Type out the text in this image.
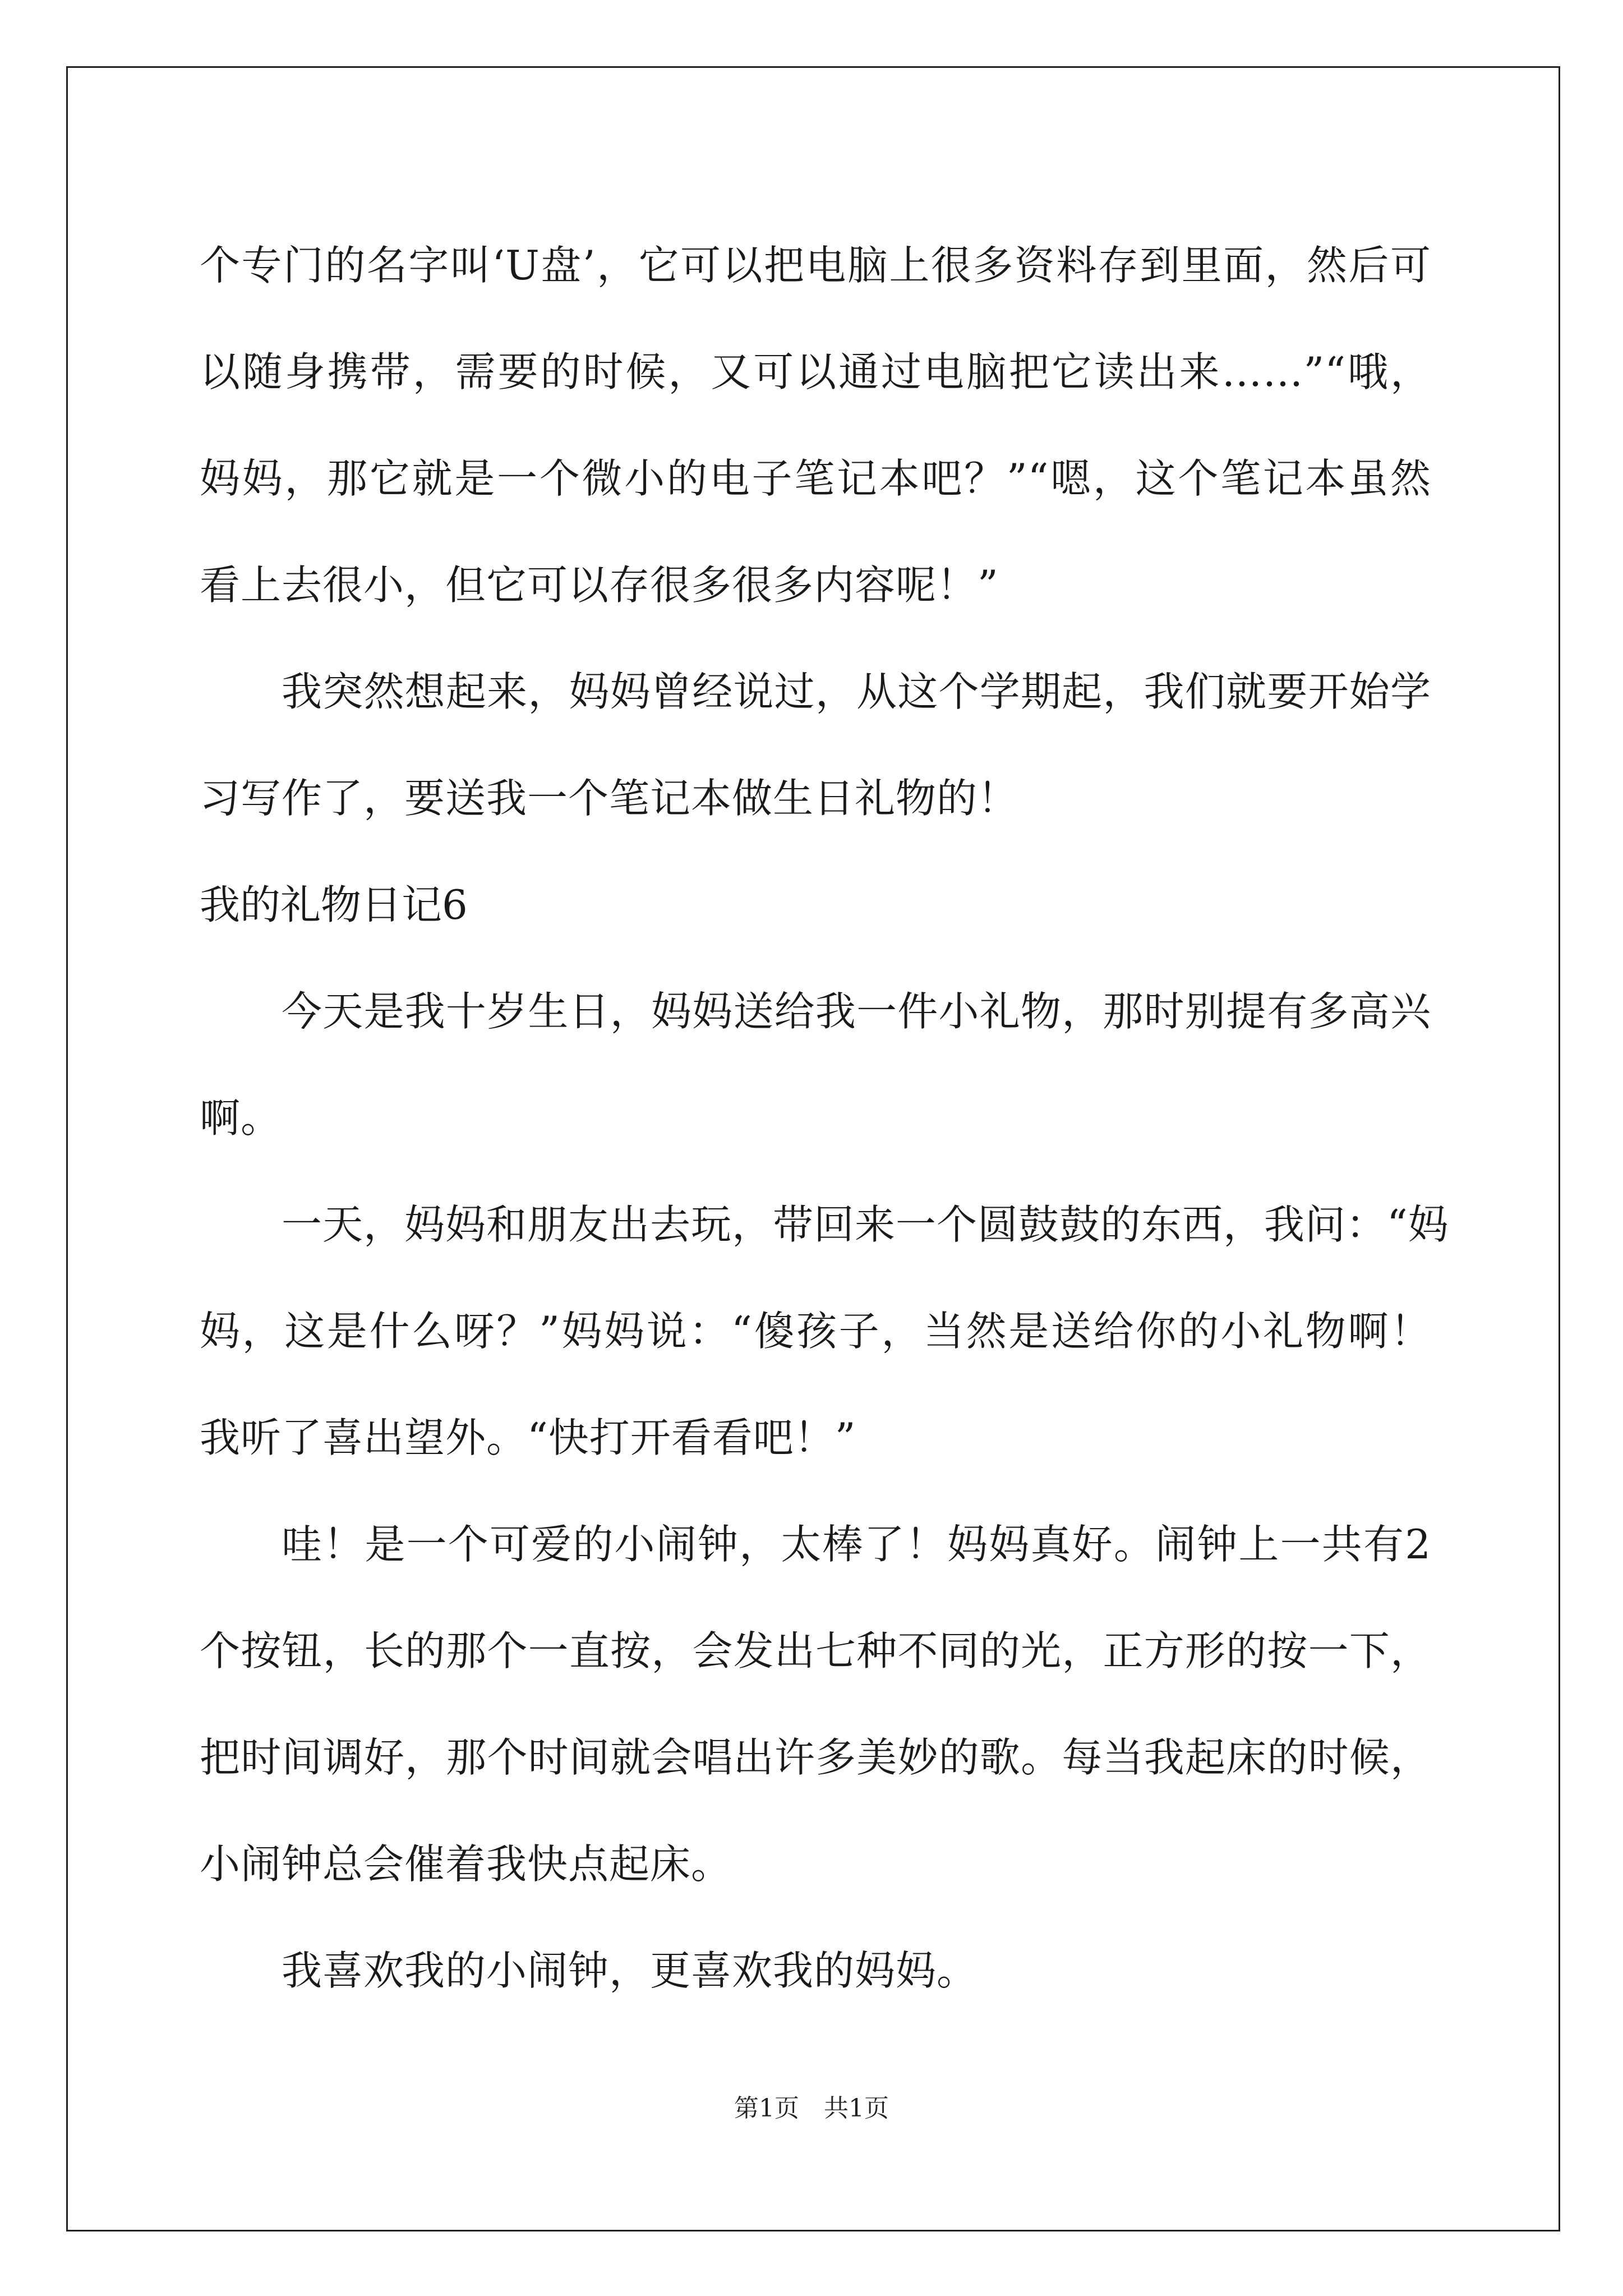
个专门的名字叫‘U盘’，它可以把电脑上很多资料存到里面，然后可
以随身携带，需要的时候，又可以通过电脑把它读出来……”“哦，
妈妈，那它就是一个微小的电子笔记本吧？”“嗯，这个笔记本虽然
看上去很小，但它可以存很多很多内容呢！”
我突然想起来，妈妈曾经说过，从这个学期起，我们就要开始学
习写作了，要送我一个笔记本做生日礼物的！
我的礼物日记6
今天是我十岁生日，妈妈送给我一件小礼物，那时别提有多高兴
啊。
一天，妈妈和朋友出去玩，带回来一个圆鼓鼓的东西，我问：“妈
妈，这是什么呀？”妈妈说：“傻孩子，当然是送给你的小礼物啊！
我听了喜出望外。“快打开看看吧！”
哇！是一个可爱的小闹钟，太棒了！妈妈真好。闹钟上一共有2
个按钮，长的那个一直按，会发出七种不同的光，正方形的按一下，
把时间调好，那个时间就会唱出许多美妙的歌。每当我起床的时候，
小闹钟总会催着我快点起床。
我喜欢我的小闹钟，更喜欢我的妈妈。
第1页 共1页
